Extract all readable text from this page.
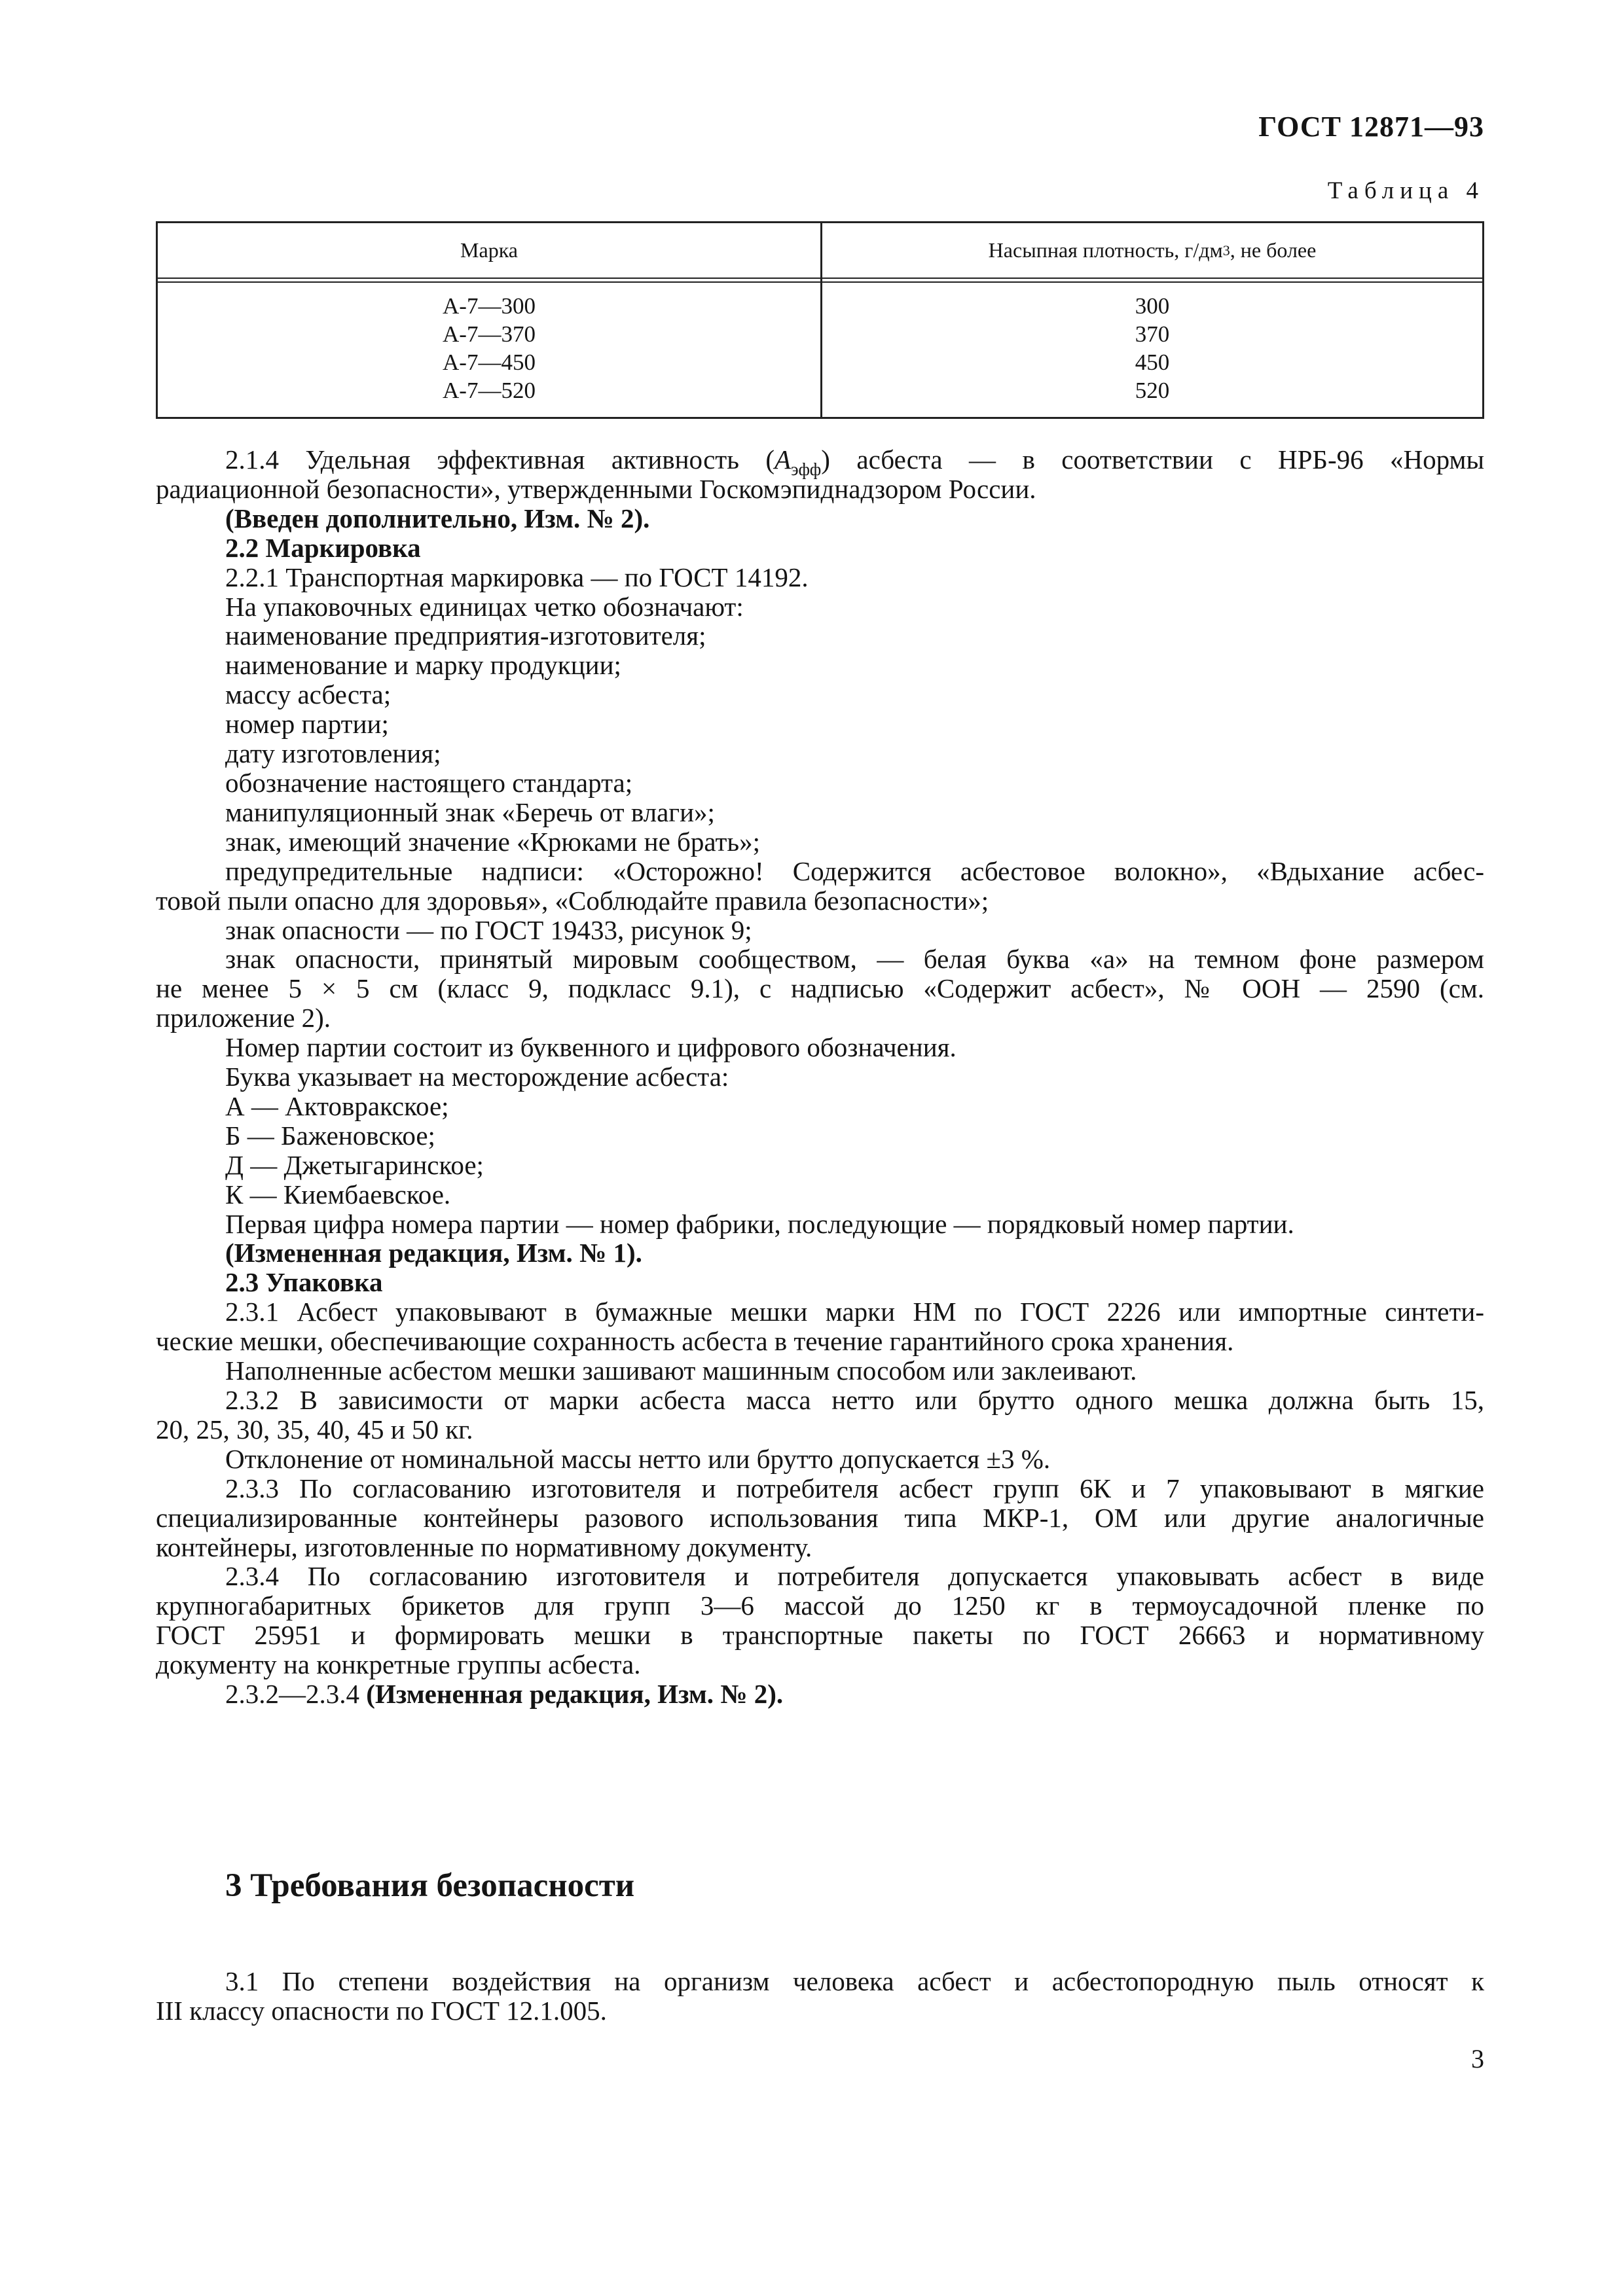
ГОСТ 12871—93
Таблица 4
Марка	Насыпная плотность, г/дм 3 , не более
А-7—300
А-7—370
А-7—450
А-7—520
300
370
450
520

2.1.4 Удельная эффективная активность $(A_{эфф})$ асбеста — в соответствии с НРБ-96 «Нормы

радиационной безопасности», утвержденными Госкомэпиднадзором России.

(Введен дополнительно, Изм. № 2).

2.2 Маркировка

2.2.1 Транспортная маркировка — по ГОСТ 14192.

На упаковочных единицах четко обозначают:

наименование предприятия-изготовителя;

наименование и марку продукции;

массу асбеста;

номер партии;

дату изготовления;

обозначение настоящего стандарта;

манипуляционный знак «Беречь от влаги»;

знак, имеющий значение «Крюками не брать»;

предупредительные надписи: «Осторожно! Содержится асбестовое волокно», «Вдыхание асбес-

товой пыли опасно для здоровья», «Соблюдайте правила безопасности»;

знак опасности — по ГОСТ 19433, рисунок 9;

знак опасности, принятый мировым сообществом, — белая буква «а» на темном фоне размером

не менее 5 × 5 см (класс 9, подкласс 9.1), с надписью «Содержит асбест», № ООН — 2590 (см.

приложение 2).

Номер партии состоит из буквенного и цифрового обозначения.

Буква указывает на месторождение асбеста:

А — Актовракское;

Б — Баженовское;

Д — Джетыгаринское;

К — Киембаевское.

Первая цифра номера партии — номер фабрики, последующие — порядковый номер партии.

(Измененная редакция, Изм. № 1).

2.3 Упаковка

2.3.1 Асбест упаковывают в бумажные мешки марки НМ по ГОСТ 2226 или импортные синтети-

ческие мешки, обеспечивающие сохранность асбеста в течение гарантийного срока хранения.

Наполненные асбестом мешки зашивают машинным способом или заклеивают.

2.3.2 В зависимости от марки асбеста масса нетто или брутто одного мешка должна быть 15,

20, 25, 30, 35, 40, 45 и 50 кг.

Отклонение от номинальной массы нетто или брутто допускается ±3 %.

2.3.3 По согласованию изготовителя и потребителя асбест групп 6К и 7 упаковывают в мягкие

специализированные контейнеры разового использования типа МКР-1, ОМ или другие аналогичные

контейнеры, изготовленные по нормативному документу.

2.3.4 По согласованию изготовителя и потребителя допускается упаковывать асбест в виде

крупногабаритных брикетов для групп 3—6 массой до 1250 кг в термоусадочной пленке по

ГОСТ 25951 и формировать мешки в транспортные пакеты по ГОСТ 26663 и нормативному

документу на конкретные группы асбеста.

2.3.2—2.3.4 (Измененная редакция, Изм. № 2).

3 Требования безопасности

3.1 По степени воздействия на организм человека асбест и асбестопородную пыль относят к

III классу опасности по ГОСТ 12.1.005.

3
